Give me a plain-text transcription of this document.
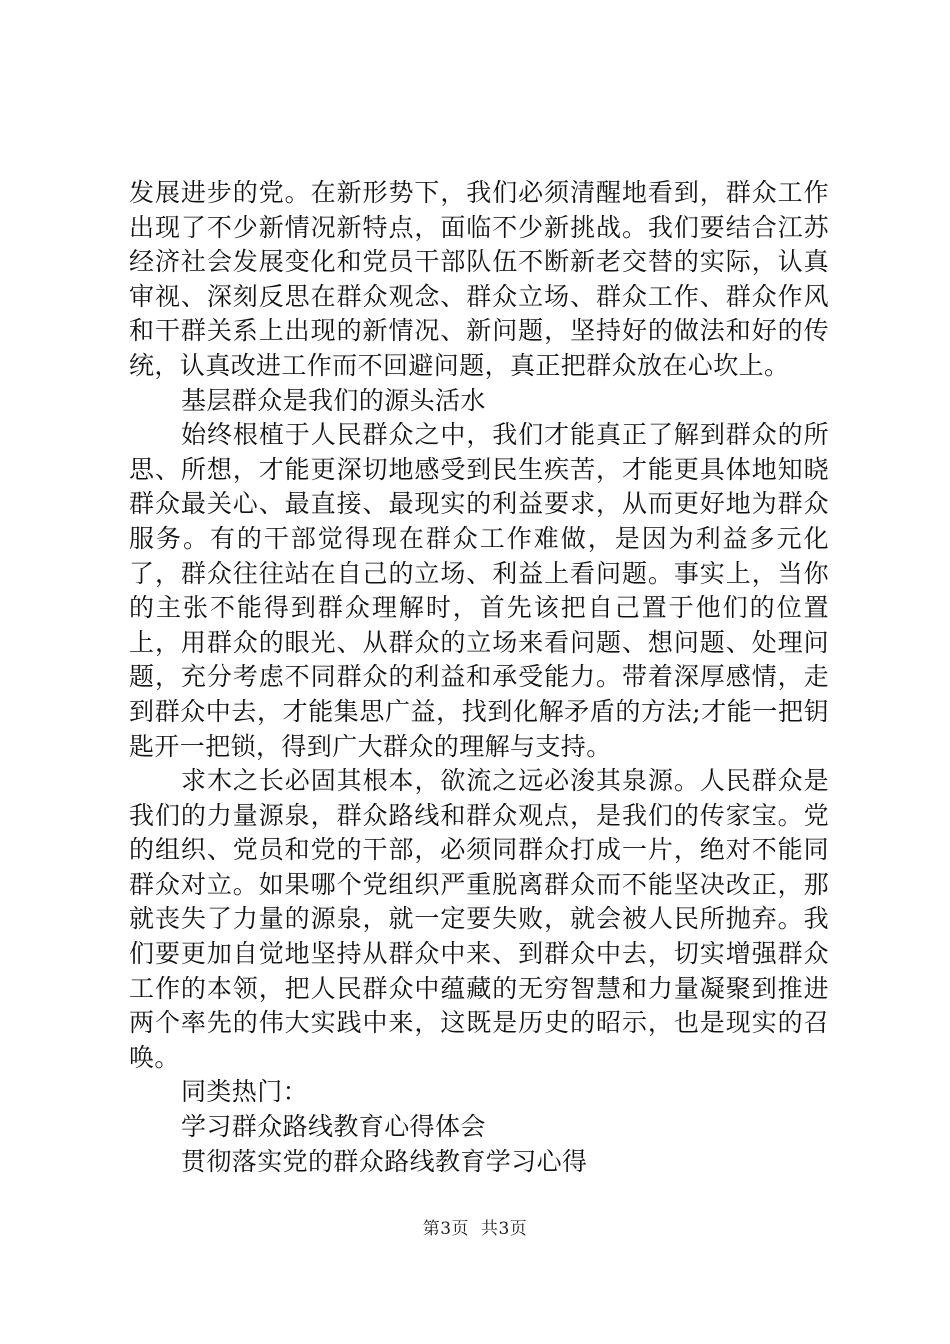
发展进步的党。在新形势下，我们必须清醒地看到，群众工作出现了不少新情况新特点，面临不少新挑战。我们要结合江苏经济社会发展变化和党员干部队伍不断新老交替的实际，认真审视、深刻反思在群众观念、群众立场、群众工作、群众作风和干群关系上出现的新情况、新问题，坚持好的做法和好的传统，认真改进工作而不回避问题，真正把群众放在心坎上。

基层群众是我们的源头活水

始终根植于人民群众之中，我们才能真正了解到群众的所思、所想，才能更深切地感受到民生疾苦，才能更具体地知晓群众最关心、最直接、最现实的利益要求，从而更好地为群众服务。有的干部觉得现在群众工作难做，是因为利益多元化了，群众往往站在自己的立场、利益上看问题。事实上，当你的主张不能得到群众理解时，首先该把自己置于他们的位置上，用群众的眼光、从群众的立场来看问题、想问题、处理问题，充分考虑不同群众的利益和承受能力。带着深厚感情，走到群众中去，才能集思广益，找到化解矛盾的方法;才能一把钥匙开一把锁，得到广大群众的理解与支持。

求木之长必固其根本，欲流之远必浚其泉源。人民群众是我们的力量源泉，群众路线和群众观点，是我们的传家宝。党的组织、党员和党的干部，必须同群众打成一片，绝对不能同群众对立。如果哪个党组织严重脱离群众而不能坚决改正，那就丧失了力量的源泉，就一定要失败，就会被人民所抛弃。我们要更加自觉地坚持从群众中来、到群众中去，切实增强群众工作的本领，把人民群众中蕴藏的无穷智慧和力量凝聚到推进两个率先的伟大实践中来，这既是历史的昭示，也是现实的召唤。

同类热门：

学习群众路线教育心得体会

贯彻落实党的群众路线教育学习心得

第3页 共3页
